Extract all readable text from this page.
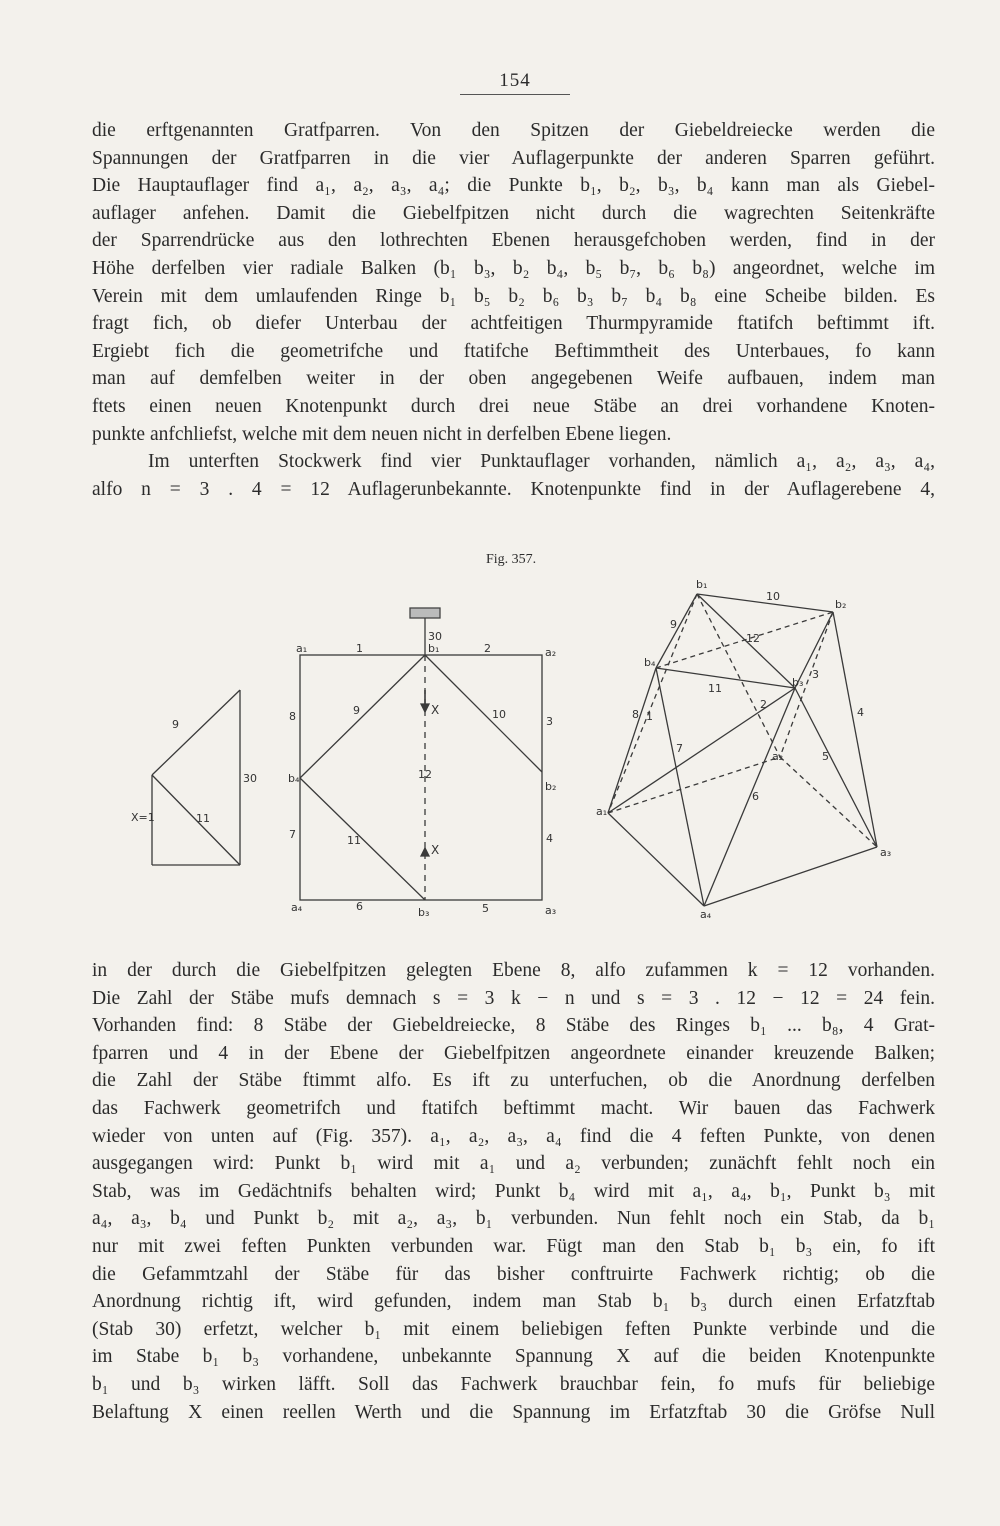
154
die erftgenannten Gratfparren. Von den Spitzen der Giebeldreiecke werden die
Spannungen der Gratfparren in die vier Auflagerpunkte der anderen Sparren geführt.
Die Hauptauflager find a₁, a₂, a₃, a₄; die Punkte b₁, b₂, b₃, b₄ kann man als Giebel-
auflager anfehen. Damit die Giebelfpitzen nicht durch die wagrechten Seitenkräfte
der Sparrendrücke aus den lothrechten Ebenen herausgefchoben werden, find in der
Höhe derfelben vier radiale Balken (b₁ b₃, b₂ b₄, b₅ b₇, b₆ b₈) angeordnet, welche im
Verein mit dem umlaufenden Ringe b₁ b₅ b₂ b₆ b₃ b₇ b₄ b₈ eine Scheibe bilden. Es
fragt fich, ob diefer Unterbau der achtfeitigen Thurmpyramide ftatifch beftimmt ift.
Ergiebt fich die geometrifche und ftatifche Beftimmtheit des Unterbaues, fo kann
man auf demfelben weiter in der oben angegebenen Weife aufbauen, indem man
ftets einen neuen Knotenpunkt durch drei neue Stäbe an drei vorhandene Knoten-
punkte anfchliefst, welche mit dem neuen nicht in derfelben Ebene liegen.
Im unterften Stockwerk find vier Punktauflager vorhanden, nämlich a₁, a₂, a₃, a₄,
alfo n = 3 . 4 = 12 Auflagerunbekannte. Knotenpunkte find in der Auflagerebene 4,
Fig. 357.
9
30
X=1	11
30
a₁	b₁	a₂
b₄
b₂
a₄	b₃	a₃
1	2
3
4
5
6
7
8	9	10
11
12
X
X
b₁
b₂
b₄
b₃
a₂
a₁
a₃
a₄
10
9
12
11
8 1
2
3
7
4
5
6
in der durch die Giebelfpitzen gelegten Ebene 8, alfo zufammen k = 12 vorhanden.
Die Zahl der Stäbe mufs demnach s = 3 k − n und s = 3 . 12 − 12 = 24 fein.
Vorhanden find: 8 Stäbe der Giebeldreiecke, 8 Stäbe des Ringes b₁ ... b₈, 4 Grat-
fparren und 4 in der Ebene der Giebelfpitzen angeordnete einander kreuzende Balken;
die Zahl der Stäbe ftimmt alfo. Es ift zu unterfuchen, ob die Anordnung derfelben
das Fachwerk geometrifch und ftatifch beftimmt macht. Wir bauen das Fachwerk
wieder von unten auf (Fig. 357). a₁, a₂, a₃, a₄ find die 4 feften Punkte, von denen
ausgegangen wird: Punkt b₁ wird mit a₁ und a₂ verbunden; zunächft fehlt noch ein
Stab, was im Gedächtnifs behalten wird; Punkt b₄ wird mit a₁, a₄, b₁, Punkt b₃ mit
a₄, a₃, b₄ und Punkt b₂ mit a₂, a₃, b₁ verbunden. Nun fehlt noch ein Stab, da b₁
nur mit zwei feften Punkten verbunden war. Fügt man den Stab b₁ b₃ ein, fo ift
die Gefammtzahl der Stäbe für das bisher conftruirte Fachwerk richtig; ob die
Anordnung richtig ift, wird gefunden, indem man Stab b₁ b₃ durch einen Erfatzftab
(Stab 30) erfetzt, welcher b₁ mit einem beliebigen feften Punkte verbinde und die
im Stabe b₁ b₃ vorhandene, unbekannte Spannung X auf die beiden Knotenpunkte
b₁ und b₃ wirken läfft. Soll das Fachwerk brauchbar fein, fo mufs für beliebige
Belaftung X einen reellen Werth und die Spannung im Erfatzftab 30 die Gröfse Null
